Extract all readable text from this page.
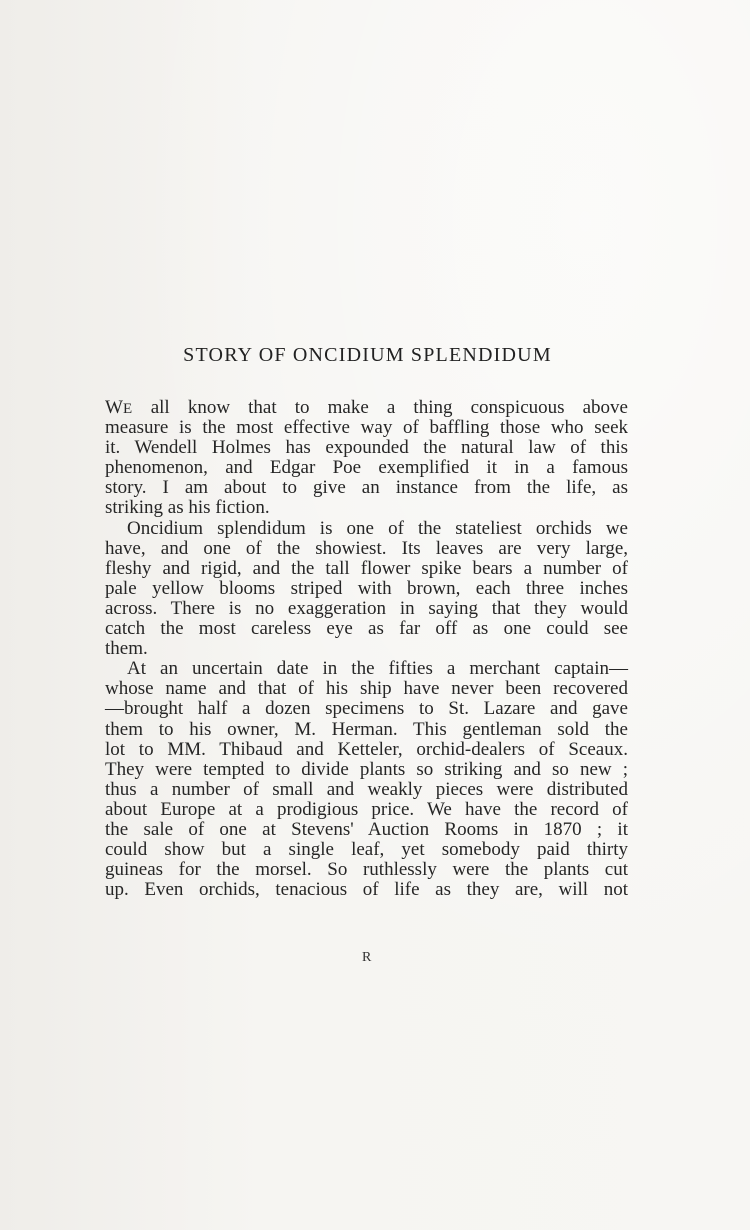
STORY OF ONCIDIUM SPLENDIDUM
WE all know that to make a thing conspicuous above
measure is the most effective way of baffling those who seek
it. Wendell Holmes has expounded the natural law of this
phenomenon, and Edgar Poe exemplified it in a famous
story. I am about to give an instance from the life, as
striking as his fiction.
Oncidium splendidum is one of the stateliest orchids we
have, and one of the showiest. Its leaves are very large,
fleshy and rigid, and the tall flower spike bears a number of
pale yellow blooms striped with brown, each three inches
across. There is no exaggeration in saying that they would
catch the most careless eye as far off as one could see
them.
At an uncertain date in the fifties a merchant captain—
whose name and that of his ship have never been recovered
—brought half a dozen specimens to St. Lazare and gave
them to his owner, M. Herman. This gentleman sold the
lot to MM. Thibaud and Ketteler, orchid-dealers of Sceaux.
They were tempted to divide plants so striking and so new ;
thus a number of small and weakly pieces were distributed
about Europe at a prodigious price. We have the record of
the sale of one at Stevens' Auction Rooms in 1870 ; it
could show but a single leaf, yet somebody paid thirty
guineas for the morsel. So ruthlessly were the plants cut
up. Even orchids, tenacious of life as they are, will not
R
